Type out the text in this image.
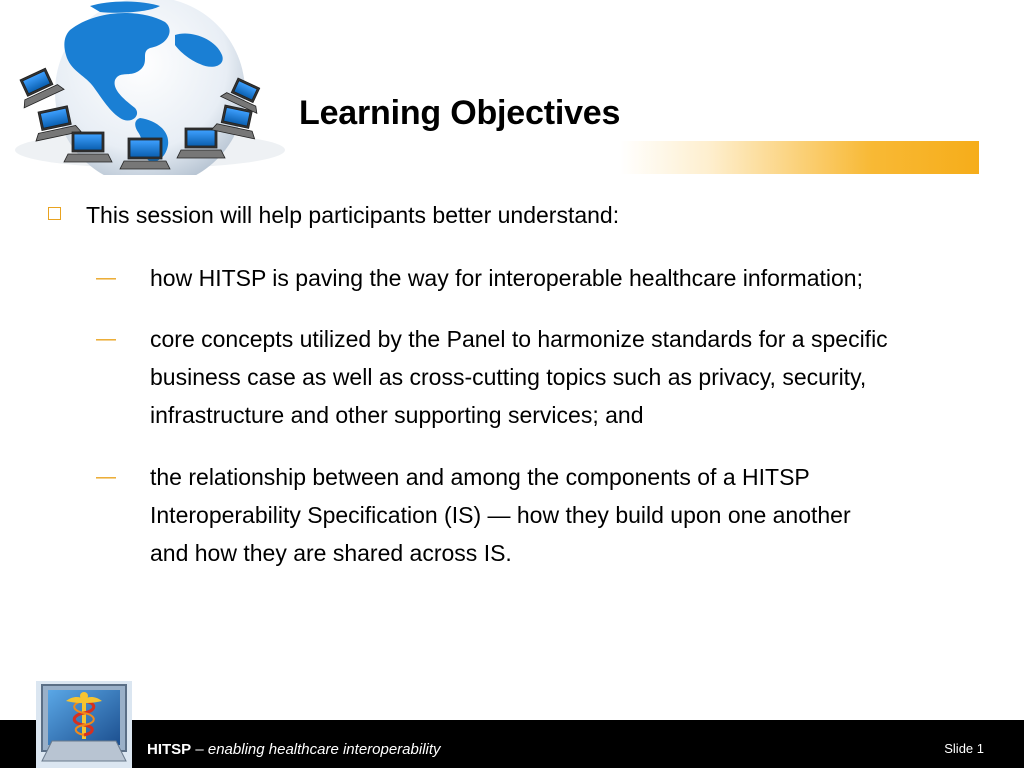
Learning Objectives
This session will help participants better understand:
— how HITSP is paving the way for interoperable healthcare information;
— core concepts utilized by the Panel to harmonize standards for a specific
business case as well as cross-cutting topics such as privacy, security,
infrastructure and other supporting services; and
— the relationship between and among the components of a HITSP
Interoperability Specification (IS) — how they build upon one another
and how they are shared across IS.
HITSP – enabling healthcare interoperability	Slide 1
